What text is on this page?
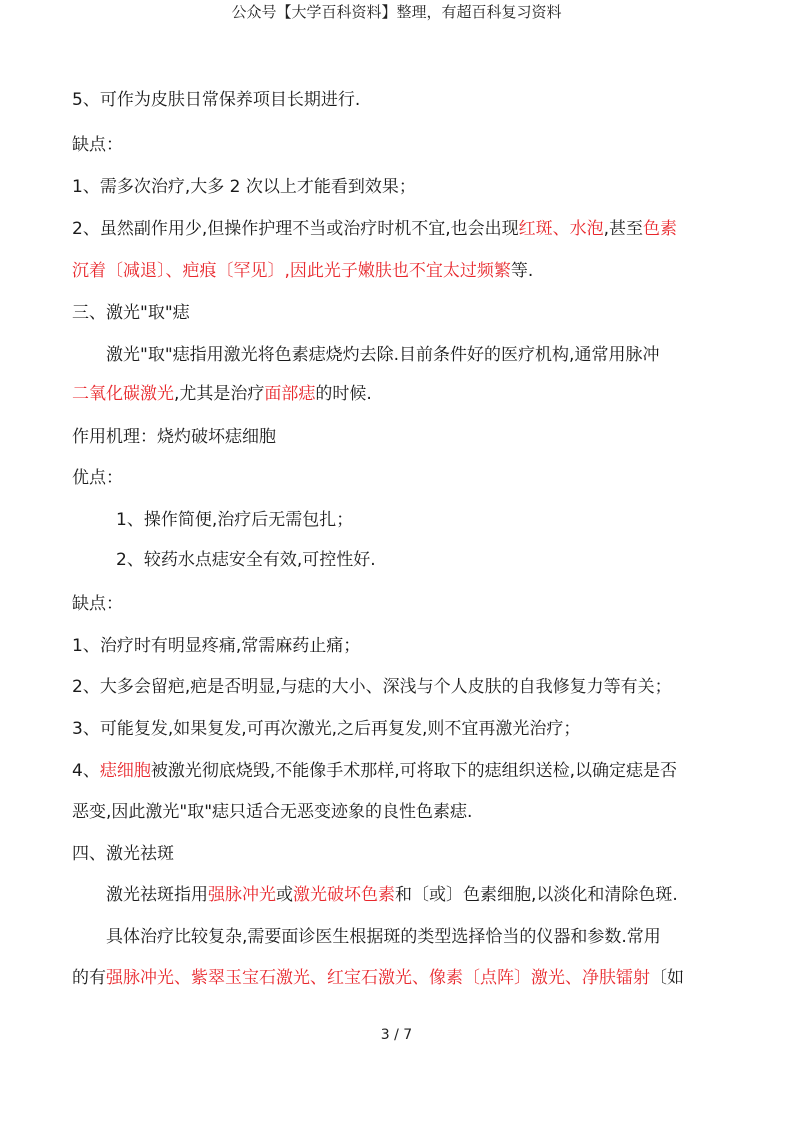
公众号【大学百科资料】整理，有超百科复习资料
5、可作为皮肤日常保养项目长期进行.
缺点：
1、需多次治疗,大多 2 次以上才能看到效果；
2、虽然副作用少,但操作护理不当或治疗时机不宜,也会出现红斑、水泡,甚至色素
沉着〔减退〕、疤痕〔罕见〕,因此光子嫩肤也不宜太过频繁等.
三、激光"取"痣
激光"取"痣指用激光将色素痣烧灼去除.目前条件好的医疗机构,通常用脉冲
二氧化碳激光,尤其是治疗面部痣的时候.
作用机理：烧灼破坏痣细胞
优点：
1、操作简便,治疗后无需包扎；
2、较药水点痣安全有效,可控性好.
缺点：
1、治疗时有明显疼痛,常需麻药止痛；
2、大多会留疤,疤是否明显,与痣的大小、深浅与个人皮肤的自我修复力等有关；
3、可能复发,如果复发,可再次激光,之后再复发,则不宜再激光治疗；
4、痣细胞被激光彻底烧毁,不能像手术那样,可将取下的痣组织送检,以确定痣是否
恶变,因此激光"取"痣只适合无恶变迹象的良性色素痣.
四、激光祛斑
激光祛斑指用强脉冲光或激光破坏色素和〔或〕色素细胞,以淡化和清除色斑.
具体治疗比较复杂,需要面诊医生根据斑的类型选择恰当的仪器和参数.常用
的有强脉冲光、紫翠玉宝石激光、红宝石激光、像素〔点阵〕激光、净肤镭射〔如
3 / 7
